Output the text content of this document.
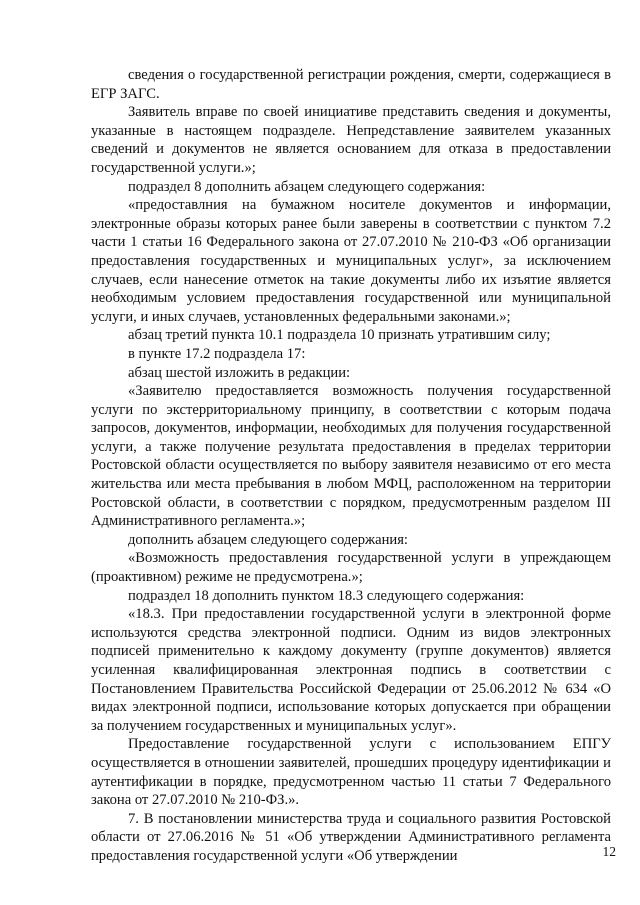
сведения о государственной регистрации рождения, смерти, содержащиеся в ЕГР ЗАГС.

Заявитель вправе по своей инициативе представить сведения и документы, указанные в настоящем подразделе. Непредставление заявителем указанных сведений и документов не является основанием для отказа в предоставлении государственной услуги.»;

подраздел 8 дополнить абзацем следующего содержания:

«предоставлния на бумажном носителе документов и информации, электронные образы которых ранее были заверены в соответствии с пунктом 7.2 части 1 статьи 16 Федерального закона от 27.07.2010 № 210-ФЗ «Об организации предоставления государственных и муниципальных услуг», за исключением случаев, если нанесение отметок на такие документы либо их изъятие является необходимым условием предоставления государственной или муниципальной услуги, и иных случаев, установленных федеральными законами.»;

абзац третий пункта 10.1 подраздела 10 признать утратившим силу;

в пункте 17.2 подраздела 17:

абзац шестой изложить в редакции:

«Заявителю предоставляется возможность получения государственной услуги по экстерриториальному принципу, в соответствии с которым подача запросов, документов, информации, необходимых для получения государственной услуги, а также получение результата предоставления в пределах территории Ростовской области осуществляется по выбору заявителя независимо от его места жительства или места пребывания в любом МФЦ, расположенном на территории Ростовской области, в соответствии с порядком, предусмотренным разделом III Административного регламента.»;

дополнить абзацем следующего содержания:

«Возможность предоставления государственной услуги в упреждающем (проактивном) режиме не предусмотрена.»;

подраздел 18 дополнить пунктом 18.3 следующего содержания:

«18.3. При предоставлении государственной услуги в электронной форме используются средства электронной подписи. Одним из видов электронных подписей применительно к каждому документу (группе документов) является усиленная квалифицированная электронная подпись в соответствии с Постановлением Правительства Российской Федерации от 25.06.2012 № 634 «О видах электронной подписи, использование которых допускается при обращении за получением государственных и муниципальных услуг».

Предоставление государственной услуги с использованием ЕПГУ осуществляется в отношении заявителей, прошедших процедуру идентификации и аутентификации в порядке, предусмотренном частью 11 статьи 7 Федерального закона от 27.07.2010 № 210-ФЗ.».

7. В постановлении министерства труда и социального развития Ростовской области от 27.06.2016 № 51 «Об утверждении Административного регламента предоставления государственной услуги «Об утверждении	12
